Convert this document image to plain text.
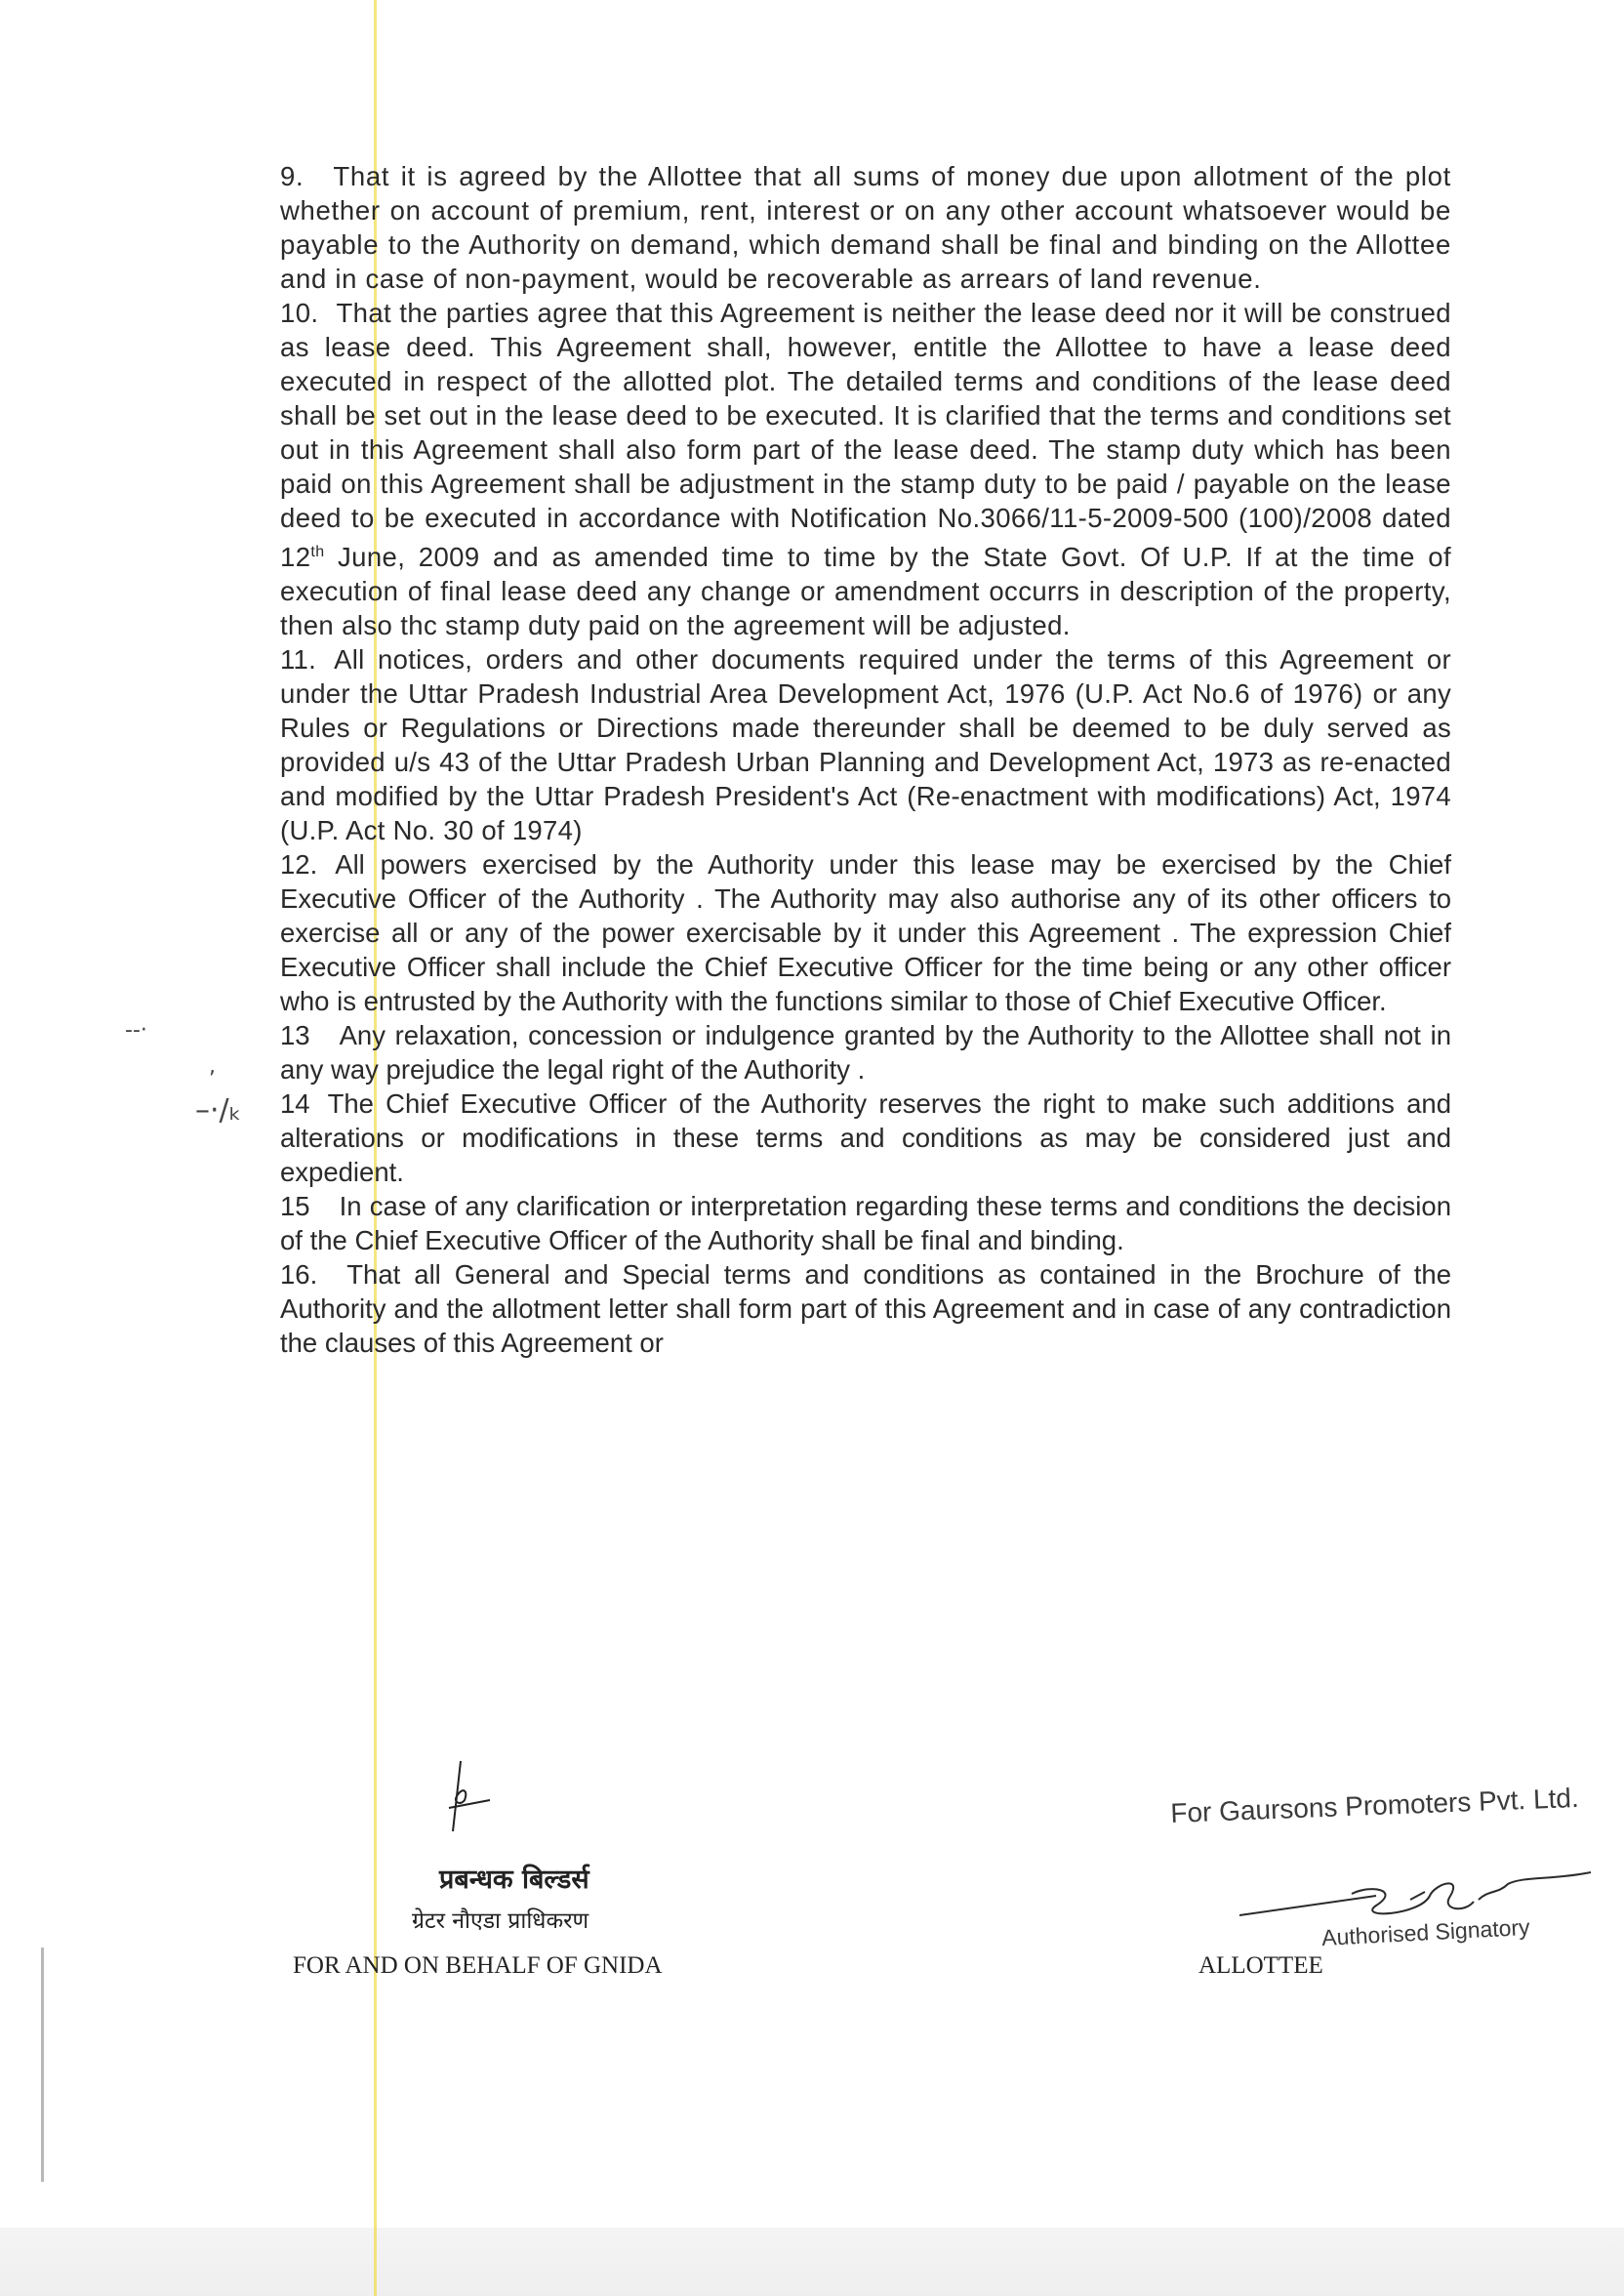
--·
,
–·/ₖ

9. That it is agreed by the Allottee that all sums of money due upon allotment of the plot whether on account of premium, rent, interest or on any other account whatsoever would be payable to the Authority on demand, which demand shall be final and binding on the Allottee and in case of non-payment, would be recoverable as arrears of land revenue.

10. That the parties agree that this Agreement is neither the lease deed nor it will be construed as lease deed. This Agreement shall, however, entitle the Allottee to have a lease deed executed in respect of the allotted plot. The detailed terms and conditions of the lease deed shall be set out in the lease deed to be executed. It is clarified that the terms and conditions set out in this Agreement shall also form part of the lease deed. The stamp duty which has been paid on this Agreement shall be adjustment in the stamp duty to be paid / payable on the lease deed to be executed in accordance with Notification No.3066/11-5-2009-500 (100)/2008 dated 12th June, 2009 and as amended time to time by the State Govt. Of U.P. If at the time of execution of final lease deed any change or amendment occurrs in description of the property, then also thc stamp duty paid on the agreement will be adjusted.

11. All notices, orders and other documents required under the terms of this Agreement or under the Uttar Pradesh Industrial Area Development Act, 1976 (U.P. Act No.6 of 1976) or any Rules or Regulations or Directions made thereunder shall be deemed to be duly served as provided u/s 43 of the Uttar Pradesh Urban Planning and Development Act, 1973 as re-enacted and modified by the Uttar Pradesh President's Act (Re-enactment with modifications) Act, 1974 (U.P. Act No. 30 of 1974)

12. All powers exercised by the Authority under this lease may be exercised by the Chief Executive Officer of the Authority . The Authority may also authorise any of its other officers to exercise all or any of the power exercisable by it under this Agreement . The expression Chief Executive Officer shall include the Chief Executive Officer for the time being or any other officer who is entrusted by the Authority with the functions similar to those of Chief Executive Officer.

13 Any relaxation, concession or indulgence granted by the Authority to the Allottee shall not in any way prejudice the legal right of the Authority .

14 The Chief Executive Officer of the Authority reserves the right to make such additions and alterations or modifications in these terms and conditions as may be considered just and expedient.

15 In case of any clarification or interpretation regarding these terms and conditions the decision of the Chief Executive Officer of the Authority shall be final and binding.

16. That all General and Special terms and conditions as contained in the Brochure of the Authority and the allotment letter shall form part of this Agreement and in case of any contradiction the clauses of this Agreement or

प्रबन्धक बिल्डर्स
ग्रेटर नौएडा प्राधिकरण
FOR AND ON BEHALF OF GNIDA
For Gaursons Promoters Pvt. Ltd.
Authorised Signatory
ALLOTTEE
